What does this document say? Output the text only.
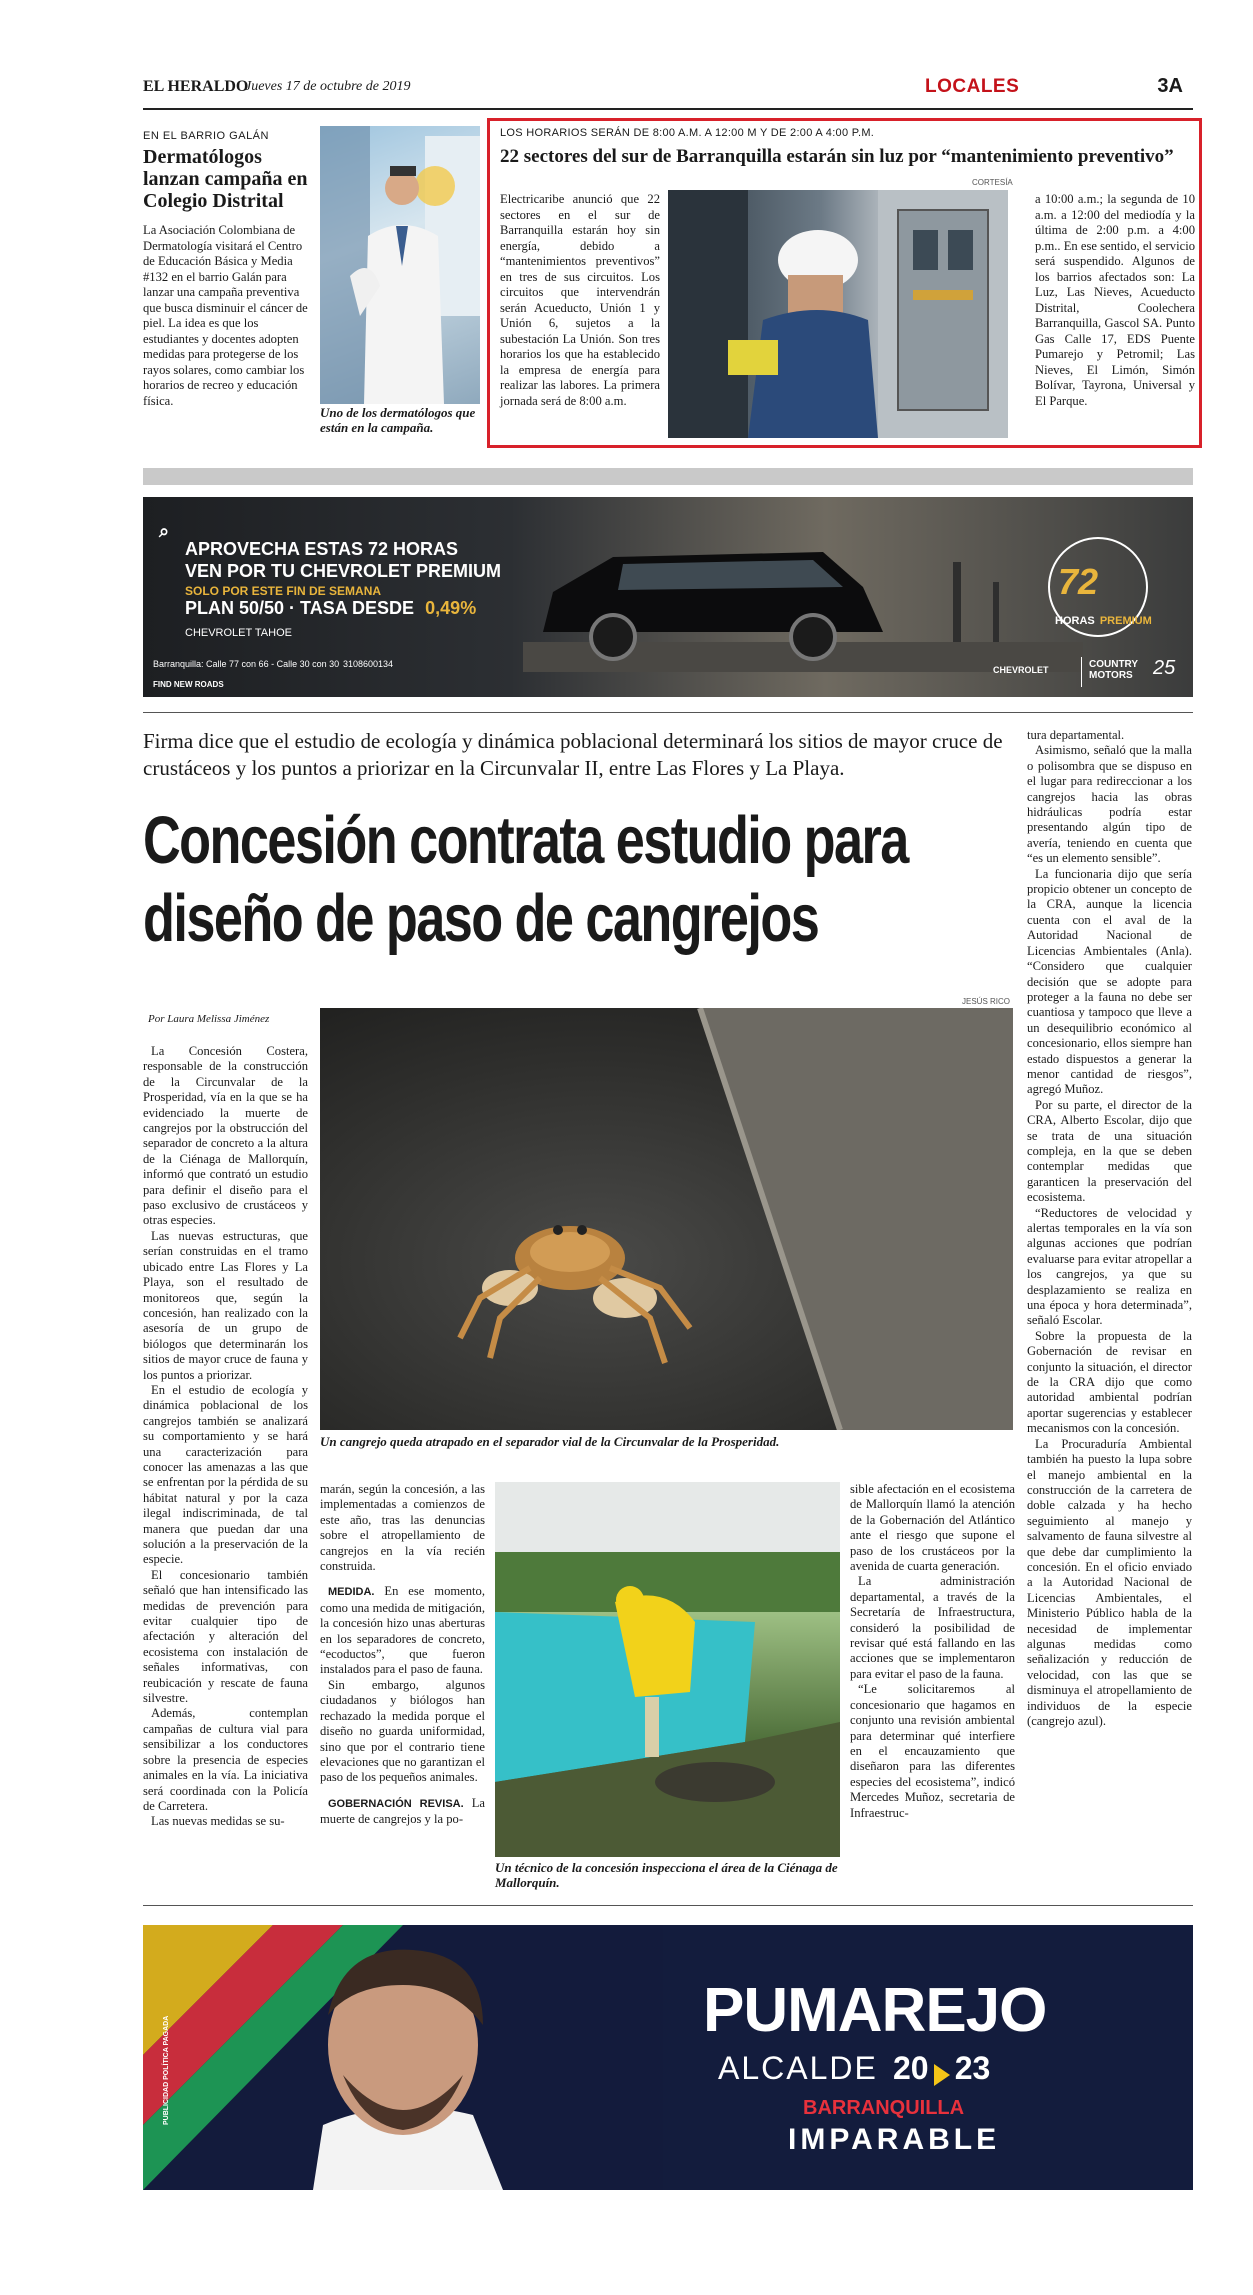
EL HERALDO
Jueves 17 de octubre de 2019	LOCALES	3A
EN EL BARRIO GALÁN
Dermatólogos lanzan campaña en Colegio Distrital
La Asociación Colombiana de Dermatología visitará el Centro de Educación Básica y Media #132 en el barrio Galán para lanzar una campaña preventiva que busca disminuir el cáncer de piel. La idea es que los estudiantes y docentes adopten medidas para protegerse de los rayos solares, como cambiar los horarios de recreo y educación física.
Uno de los dermatólogos que están en la campaña.
LOS HORARIOS SERÁN DE 8:00 A.M. A 12:00 M Y DE 2:00 A 4:00 P.M.
22 sectores del sur de Barranquilla estarán sin luz por “mantenimiento preventivo”
CORTESÍA
Electricaribe anunció que 22 sectores en el sur de Barranquilla estarán hoy sin energía, debido a “mantenimientos preventivos” en tres de sus circuitos. Los circuitos que intervendrán serán Acueducto, Unión 1 y Unión 6, sujetos a la subestación La Unión. Son tres horarios los que ha establecido la empresa de energía para realizar las labores. La primera jornada será de 8:00 a.m.
a 10:00 a.m.; la segunda de 10 a.m. a 12:00 del mediodía y la última de 2:00 p.m. a 4:00 p.m.. En ese sentido, el servicio será suspendido. Algunos de los barrios afectados son: La Luz, Las Nieves, Acueducto Distrital, Coolechera Barranquilla, Gascol SA. Punto Gas Calle 17, EDS Puente Pumarejo y Petromil; Las Nieves, El Limón, Simón Bolívar, Tayrona, Universal y El Parque.
⌕
APROVECHA ESTAS 72 HORAS
VEN POR TU CHEVROLET PREMIUM
SOLO POR ESTE FIN DE SEMANA
PLAN 50/50 · TASA DESDE 0,49%
CHEVROLET TAHOE
Barranquilla: Calle 77 con 66 - Calle 30 con 30 3108600134
FIND NEW ROADS
72
HORAS PREMIUM
CHEVROLET	COUNTRY MOTORS	25
Firma dice que el estudio de ecología y dinámica poblacional determinará los sitios de mayor cruce de crustáceos y los puntos a priorizar en la Circunvalar II, entre Las Flores y La Playa.
Concesión contrata estudio para diseño de paso de cangrejos
Por Laura Melissa Jiménez

La Concesión Costera, responsable de la construcción de la Circunvalar de la Prosperidad, vía en la que se ha evidenciado la muerte de cangrejos por la obstrucción del separador de concreto a la altura de la Ciénaga de Mallorquín, informó que contrató un estudio para definir el diseño para el paso exclusivo de crustáceos y otras especies.

Las nuevas estructuras, que serían construidas en el tramo ubicado entre Las Flores y La Playa, son el resultado de monitoreos que, según la concesión, han realizado con la asesoría de un grupo de biólogos que determinarán los sitios de mayor cruce de fauna y los puntos a priorizar.

En el estudio de ecología y dinámica poblacional de los cangrejos también se analizará su comportamiento y se hará una caracterización para conocer las amenazas a las que se enfrentan por la pérdida de su hábitat natural y por la caza ilegal indiscriminada, de tal manera que puedan dar una solución a la preservación de la especie.

El concesionario también señaló que han intensificado las medidas de prevención para evitar cualquier tipo de afectación y alteración del ecosistema con instalación de señales informativas, con reubicación y rescate de fauna silvestre.

Además, contemplan campañas de cultura vial para sensibilizar a los conductores sobre la presencia de especies animales en la vía. La iniciativa será coordinada con la Policía de Carretera.

Las nuevas medidas se su-

JESÚS RICO
Un cangrejo queda atrapado en el separador vial de la Circunvalar de la Prosperidad.

marán, según la concesión, a las implementadas a comienzos de este año, tras las denuncias sobre el atropellamiento de cangrejos en la vía recién construida.

MEDIDA. En ese momento, como una medida de mitigación, la concesión hizo unas aberturas en los separadores de concreto, “ecoductos”, que fueron instalados para el paso de fauna.

Sin embargo, algunos ciudadanos y biólogos han rechazado la medida porque el diseño no guarda uniformidad, sino que por el contrario tiene elevaciones que no garantizan el paso de los pequeños animales.

GOBERNACIÓN REVISA. La muerte de cangrejos y la po-

Un técnico de la concesión inspecciona el área de la Ciénaga de Mallorquín.

sible afectación en el ecosistema de Mallorquín llamó la atención de la Gobernación del Atlántico ante el riesgo que supone el paso de los crustáceos por la avenida de cuarta generación.

La administración departamental, a través de la Secretaría de Infraestructura, consideró la posibilidad de revisar qué está fallando en las acciones que se implementaron para evitar el paso de la fauna.

“Le solicitaremos al concesionario que hagamos en conjunto una revisión ambiental para determinar qué interfiere en el encauzamiento que diseñaron para las diferentes especies del ecosistema”, indicó Mercedes Muñoz, secretaria de Infraestruc-

tura departamental.

Asimismo, señaló que la malla o polisombra que se dispuso en el lugar para redireccionar a los cangrejos hacia las obras hidráulicas podría estar presentando algún tipo de avería, teniendo en cuenta que “es un elemento sensible”.

La funcionaria dijo que sería propicio obtener un concepto de la CRA, aunque la licencia cuenta con el aval de la Autoridad Nacional de Licencias Ambientales (Anla). “Considero que cualquier decisión que se adopte para proteger a la fauna no debe ser cuantiosa y tampoco que lleve a un desequilibrio económico al concesionario, ellos siempre han estado dispuestos a generar la menor cantidad de riesgos”, agregó Muñoz.

Por su parte, el director de la CRA, Alberto Escolar, dijo que se trata de una situación compleja, en la que se deben contemplar medidas que garanticen la preservación del ecosistema.

“Reductores de velocidad y alertas temporales en la vía son algunas acciones que podrían evaluarse para evitar atropellar a los cangrejos, ya que su desplazamiento se realiza en una época y hora determinada”, señaló Escolar.

Sobre la propuesta de la Gobernación de revisar en conjunto la situación, el director de la CRA dijo que como autoridad ambiental podrían aportar sugerencias y establecer mecanismos con la concesión.

La Procuraduría Ambiental también ha puesto la lupa sobre el manejo ambiental en la construcción de la carretera de doble calzada y ha hecho seguimiento al manejo y salvamento de fauna silvestre al que debe dar cumplimiento la concesión. En el oficio enviado a la Autoridad Nacional de Licencias Ambientales, el Ministerio Público habla de la necesidad de implementar algunas medidas como señalización y reducción de velocidad, con las que se disminuya el atropellamiento de individuos de la especie (cangrejo azul).

PUBLICIDAD POLÍTICA PAGADA
PUMAREJO
ALCALDE 20 23
BARRANQUILLA
IMPARABLE
